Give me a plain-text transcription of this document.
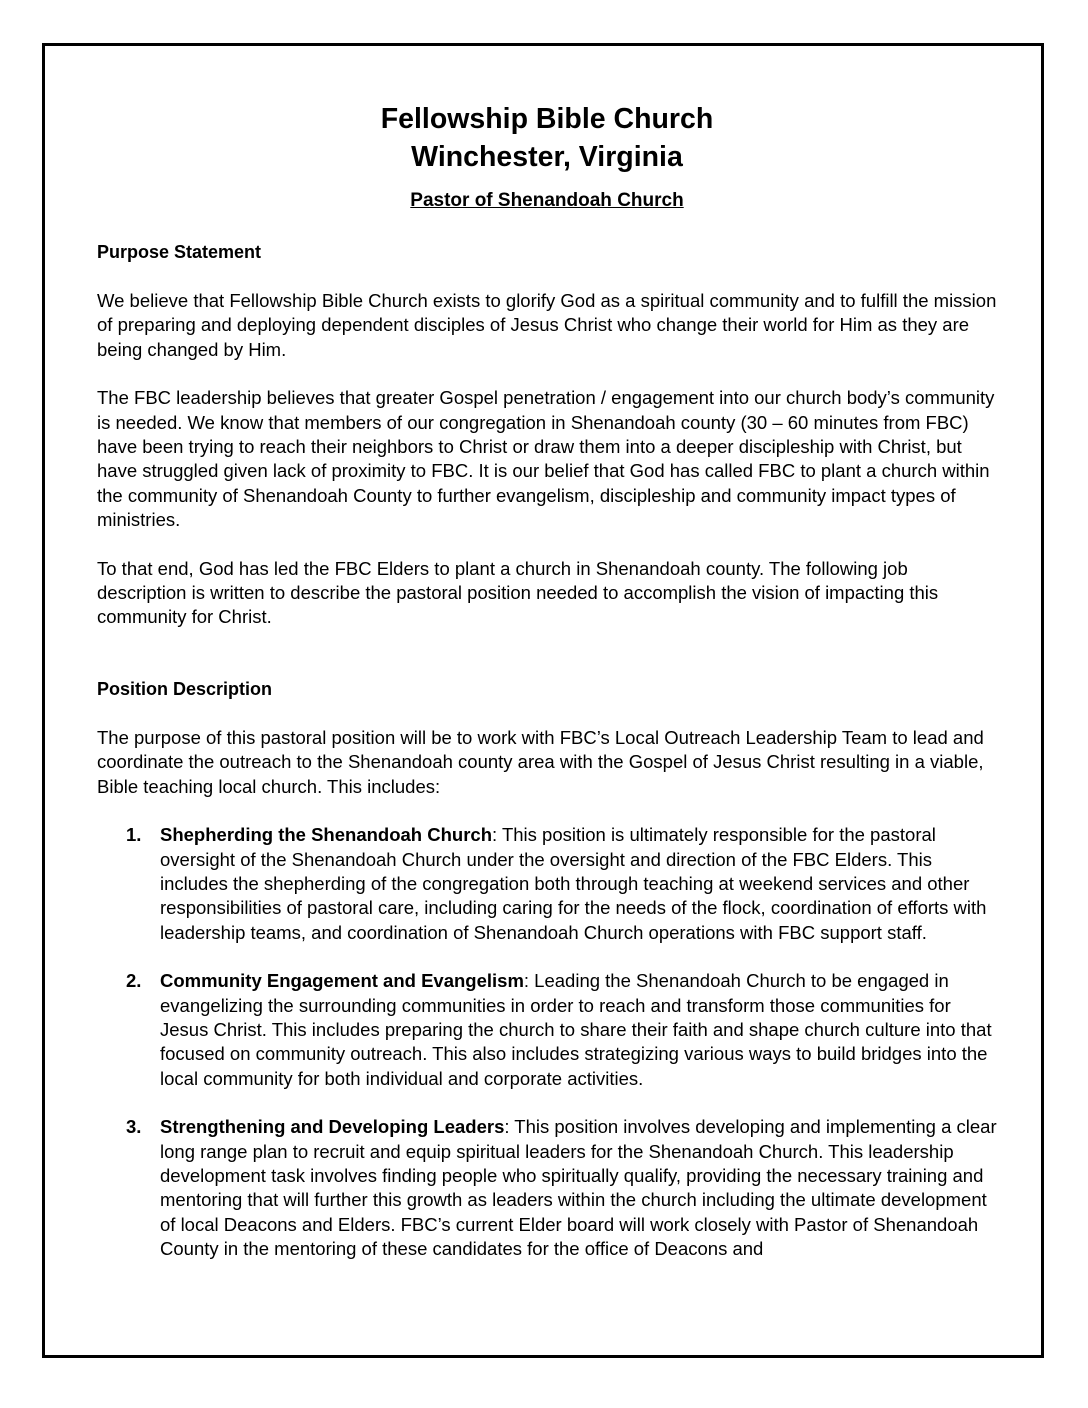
Fellowship Bible Church

Winchester, Virginia

Pastor of Shenandoah Church

Purpose Statement

We believe that Fellowship Bible Church exists to glorify God as a spiritual community and to fulfill the mission of preparing and deploying dependent disciples of Jesus Christ who change their world for Him as they are being changed by Him.

The FBC leadership believes that greater Gospel penetration / engagement into our church body’s community is needed. We know that members of our congregation in Shenandoah county (30 – 60 minutes from FBC) have been trying to reach their neighbors to Christ or draw them into a deeper discipleship with Christ, but have struggled given lack of proximity to FBC. It is our belief that God has called FBC to plant a church within the community of Shenandoah County to further evangelism, discipleship and community impact types of ministries.

To that end, God has led the FBC Elders to plant a church in Shenandoah county. The following job description is written to describe the pastoral position needed to accomplish the vision of impacting this community for Christ.

Position Description

The purpose of this pastoral position will be to work with FBC’s Local Outreach Leadership Team to lead and coordinate the outreach to the Shenandoah county area with the Gospel of Jesus Christ resulting in a viable, Bible teaching local church. This includes:

1. Shepherding the Shenandoah Church: This position is ultimately responsible for the pastoral oversight of the Shenandoah Church under the oversight and direction of the FBC Elders. This includes the shepherding of the congregation both through teaching at weekend services and other responsibilities of pastoral care, including caring for the needs of the flock, coordination of efforts with leadership teams, and coordination of Shenandoah Church operations with FBC support staff.
2. Community Engagement and Evangelism: Leading the Shenandoah Church to be engaged in evangelizing the surrounding communities in order to reach and transform those communities for Jesus Christ. This includes preparing the church to share their faith and shape church culture into that focused on community outreach. This also includes strategizing various ways to build bridges into the local community for both individual and corporate activities.
3. Strengthening and Developing Leaders: This position involves developing and implementing a clear long range plan to recruit and equip spiritual leaders for the Shenandoah Church. This leadership development task involves finding people who spiritually qualify, providing the necessary training and mentoring that will further this growth as leaders within the church including the ultimate development of local Deacons and Elders. FBC’s current Elder board will work closely with Pastor of Shenandoah County in the mentoring of these candidates for the office of Deacons and
